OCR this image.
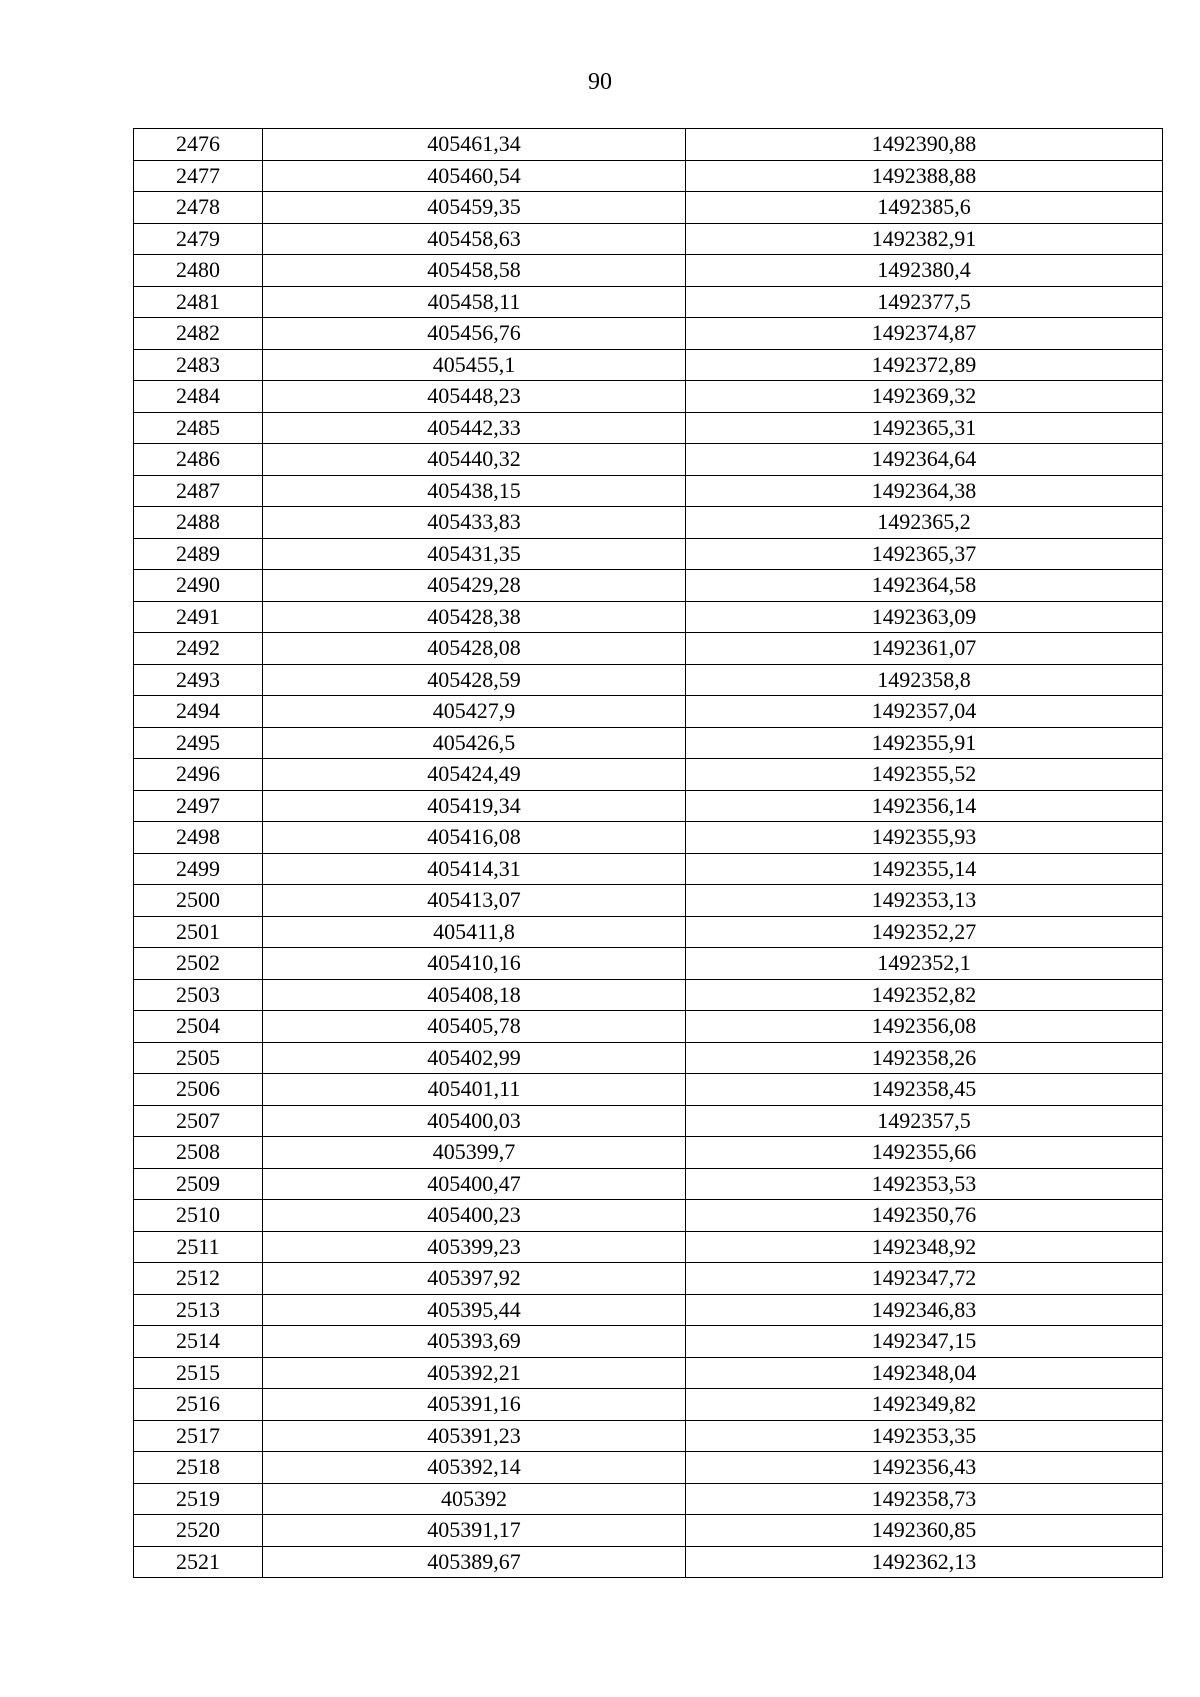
90
2476	405461,34	1492390,88
2477	405460,54	1492388,88
2478	405459,35	1492385,6
2479	405458,63	1492382,91
2480	405458,58	1492380,4
2481	405458,11	1492377,5
2482	405456,76	1492374,87
2483	405455,1	1492372,89
2484	405448,23	1492369,32
2485	405442,33	1492365,31
2486	405440,32	1492364,64
2487	405438,15	1492364,38
2488	405433,83	1492365,2
2489	405431,35	1492365,37
2490	405429,28	1492364,58
2491	405428,38	1492363,09
2492	405428,08	1492361,07
2493	405428,59	1492358,8
2494	405427,9	1492357,04
2495	405426,5	1492355,91
2496	405424,49	1492355,52
2497	405419,34	1492356,14
2498	405416,08	1492355,93
2499	405414,31	1492355,14
2500	405413,07	1492353,13
2501	405411,8	1492352,27
2502	405410,16	1492352,1
2503	405408,18	1492352,82
2504	405405,78	1492356,08
2505	405402,99	1492358,26
2506	405401,11	1492358,45
2507	405400,03	1492357,5
2508	405399,7	1492355,66
2509	405400,47	1492353,53
2510	405400,23	1492350,76
2511	405399,23	1492348,92
2512	405397,92	1492347,72
2513	405395,44	1492346,83
2514	405393,69	1492347,15
2515	405392,21	1492348,04
2516	405391,16	1492349,82
2517	405391,23	1492353,35
2518	405392,14	1492356,43
2519	405392	1492358,73
2520	405391,17	1492360,85
2521	405389,67	1492362,13
